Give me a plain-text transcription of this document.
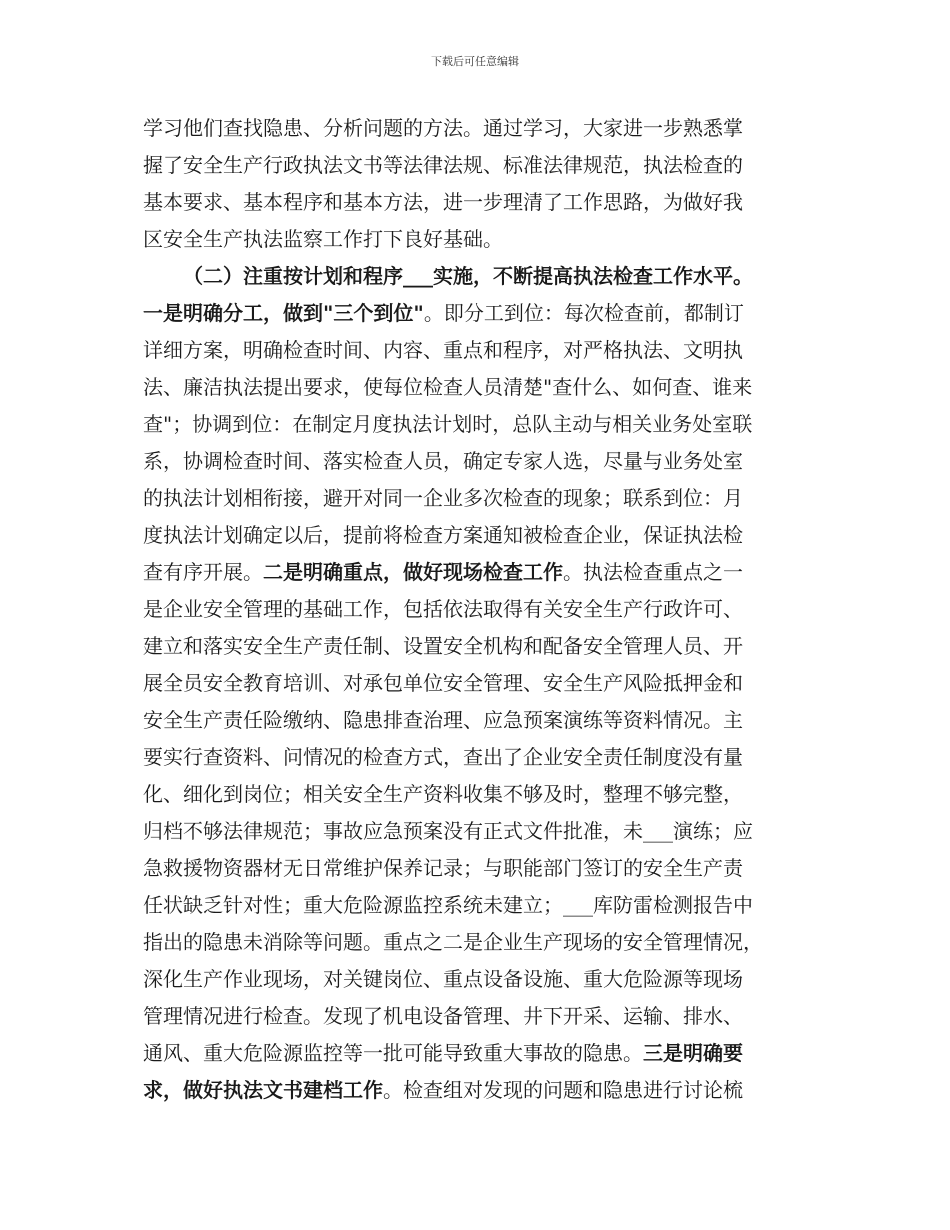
下载后可任意编辑
学习他们查找隐患、分析问题的方法。通过学习，大家进一步熟悉掌
握了安全生产行政执法文书等法律法规、标准法律规范，执法检查的
基本要求、基本程序和基本方法，进一步理清了工作思路，为做好我
区安全生产执法监察工作打下良好基础。
（二）注重按计划和程序___实施，不断提高执法检查工作水平。
一是明确分工，做到"三个到位"。即分工到位：每次检查前，都制订
详细方案，明确检查时间、内容、重点和程序，对严格执法、文明执
法、廉洁执法提出要求，使每位检查人员清楚"查什么、如何查、谁来
查"；协调到位：在制定月度执法计划时，总队主动与相关业务处室联
系，协调检查时间、落实检查人员，确定专家人选，尽量与业务处室
的执法计划相衔接，避开对同一企业多次检查的现象；联系到位：月
度执法计划确定以后，提前将检查方案通知被检查企业，保证执法检
查有序开展。二是明确重点，做好现场检查工作。执法检查重点之一
是企业安全管理的基础工作，包括依法取得有关安全生产行政许可、
建立和落实安全生产责任制、设置安全机构和配备安全管理人员、开
展全员安全教育培训、对承包单位安全管理、安全生产风险抵押金和
安全生产责任险缴纳、隐患排查治理、应急预案演练等资料情况。主
要实行查资料、问情况的检查方式，查出了企业安全责任制度没有量
化、细化到岗位；相关安全生产资料收集不够及时，整理不够完整，
归档不够法律规范；事故应急预案没有正式文件批准，未___演练；应
急救援物资器材无日常维护保养记录；与职能部门签订的安全生产责
任状缺乏针对性；重大危险源监控系统未建立；___库防雷检测报告中
指出的隐患未消除等问题。重点之二是企业生产现场的安全管理情况，
深化生产作业现场，对关键岗位、重点设备设施、重大危险源等现场
管理情况进行检查。发现了机电设备管理、井下开采、运输、排水、
通风、重大危险源监控等一批可能导致重大事故的隐患。三是明确要
求，做好执法文书建档工作。检查组对发现的问题和隐患进行讨论梳
